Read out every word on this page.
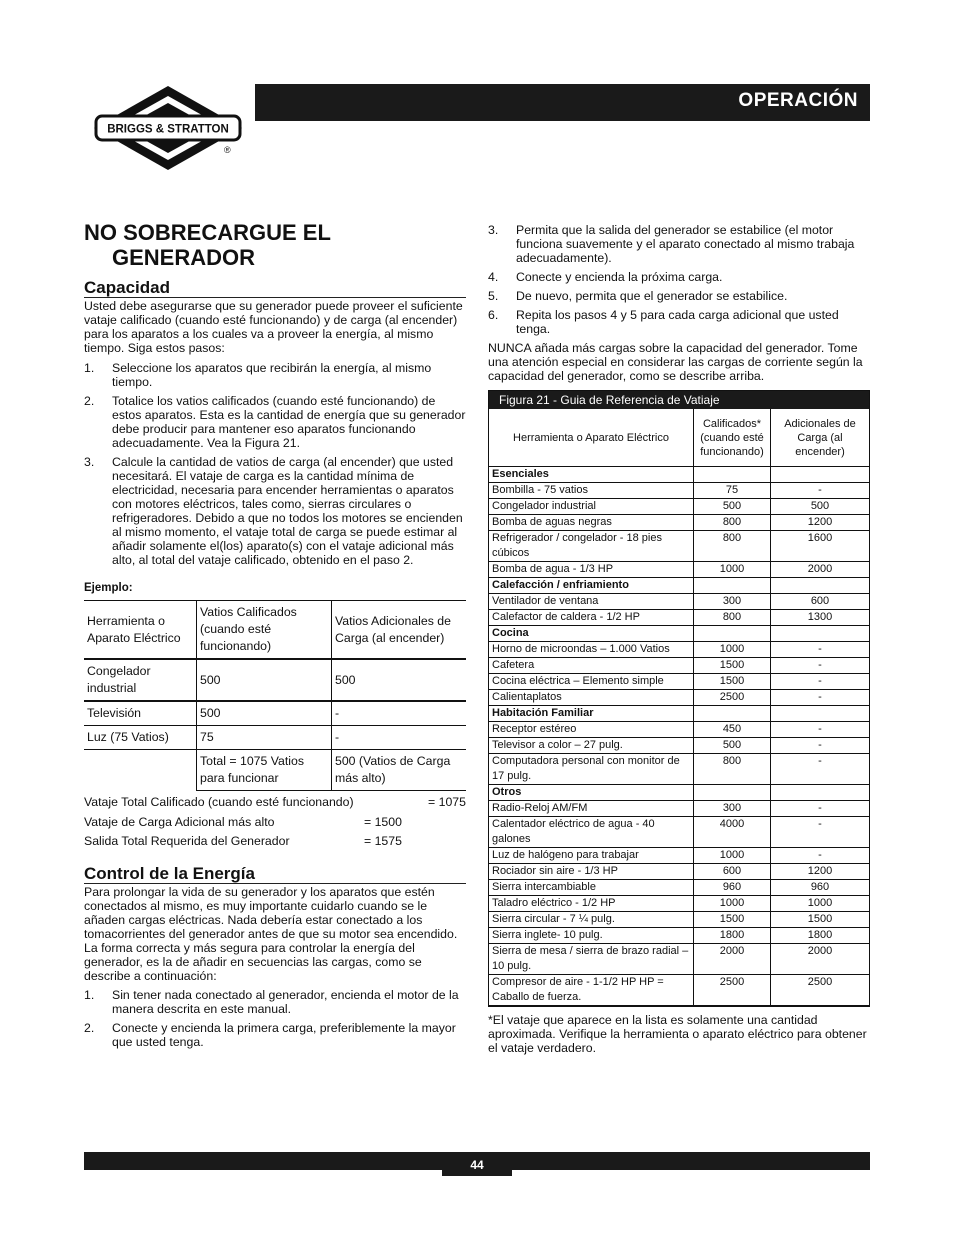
BRIGGS & STRATTON
®
OPERACIÓN
NO SOBRECARGUE EL
GENERADOR
Capacidad

Usted debe asegurarse que su generador puede proveer el suficiente vataje calificado (cuando esté funcionando) y de carga (al encender) para los aparatos a los cuales va a proveer la energía, al mismo tiempo. Siga estos pasos:

1. Seleccione los aparatos que recibirán la energía, al mismo tiempo.
2. Totalice los vatios calificados (cuando esté funcionando) de estos aparatos. Esta es la cantidad de energía que su generador debe producir para mantener eso aparatos funcionando adecuadamente. Vea la Figura 21.
3. Calcule la cantidad de vatios de carga (al encender) que usted necesitará. El vataje de carga es la cantidad mínima de electricidad, necesaria para encender herramientas o aparatos con motores eléctricos, tales como, sierras circulares o refrigeradores. Debido a que no todos los motores se encienden al mismo momento, el vataje total de carga se puede estimar al añadir solamente el(los) aparato(s) con el vataje adicional más alto, al total del vataje calificado, obtenido en el paso 2.

Ejemplo:

Herramienta o Aparato Eléctrico	Vatios Calificados (cuando esté funcionando)	Vatios Adicionales de Carga (al encender)
Congelador industrial	500	500
Televisión	500	-
Luz (75 Vatios)	75	-
	Total = 1075 Vatios para funcionar	500 (Vatios de Carga más alto)
Vataje Total Calificado (cuando esté funcionando)	= 1075
Vataje de Carga Adicional más alto	= 1500
Salida Total Requerida del Generador	= 1575
Control de la Energía

Para prolongar la vida de su generador y los aparatos que estén conectados al mismo, es muy importante cuidarlo cuando se le añaden cargas eléctricas. Nada debería estar conectado a los tomacorrientes del generador antes de que su motor sea encendido. La forma correcta y más segura para controlar la energía del generador, es la de añadir en secuencias las cargas, como se describe a continuación:

1. Sin tener nada conectado al generador, encienda el motor de la manera descrita en este manual.
2. Conecte y encienda la primera carga, preferiblemente la mayor que usted tenga.
3. Permita que la salida del generador se estabilice (el motor funciona suavemente y el aparato conectado al mismo trabaja adecuadamente).
4. Conecte y encienda la próxima carga.
5. De nuevo, permita que el generador se estabilice.
6. Repita los pasos 4 y 5 para cada carga adicional que usted tenga.

NUNCA añada más cargas sobre la capacidad del generador. Tome una atención especial en considerar las cargas de corriente según la capacidad del generador, como se describe arriba.

Figura 21 - Guia de Referencia de Vatiaje
Herramienta o Aparato Eléctrico	Calificados* (cuando esté funcionando)	Adicionales de Carga (al encender)
Esenciales		
Bombilla - 75 vatios	75	-
Congelador industrial	500	500
Bomba de aguas negras	800	1200
Refrigerador / congelador - 18 pies cúbicos	800	1600
Bomba de agua - 1/3 HP	1000	2000
Calefacción / enfriamiento		
Ventilador de ventana	300	600
Calefactor de caldera - 1/2 HP	800	1300
Cocina		
Horno de microondas – 1.000 Vatios	1000	-
Cafetera	1500	-
Cocina eléctrica – Elemento simple	1500	-
Calientaplatos	2500	-
Habitación Familiar		
Receptor estéreo	450	-
Televisor a color – 27 pulg.	500	-
Computadora personal con monitor de 17 pulg.	800	-
Otros		
Radio-Reloj AM/FM	300	-
Calentador eléctrico de agua - 40 galones	4000	-
Luz de halógeno para trabajar	1000	-
Rociador sin aire - 1/3 HP	600	1200
Sierra intercambiable	960	960
Taladro eléctrico - 1/2 HP	1000	1000
Sierra circular - 7 ¼ pulg.	1500	1500
Sierra inglete- 10 pulg.	1800	1800
Sierra de mesa / sierra de brazo radial – 10 pulg.	2000	2000
Compresor de aire - 1-1/2 HP HP = Caballo de fuerza.	2500	2500

*El vataje que aparece en la lista es solamente una cantidad aproximada. Verifique la herramienta o aparato eléctrico para obtener el vataje verdadero.

44
